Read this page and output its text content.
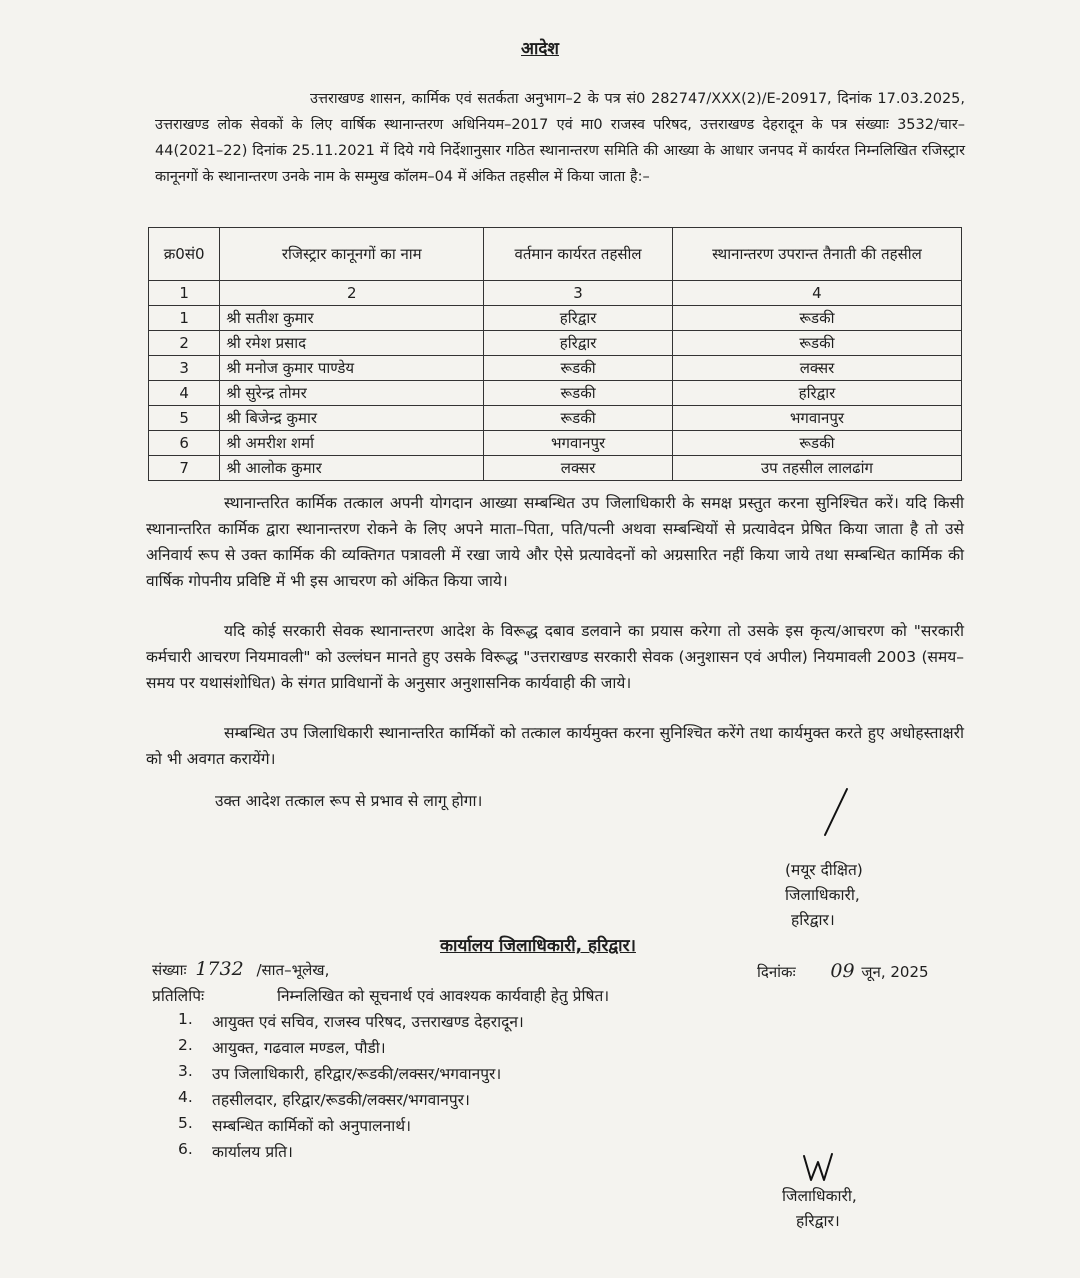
आदेश

उत्तराखण्ड शासन, कार्मिक एवं सतर्कता अनुभाग–2 के पत्र सं0 282747/XXX(2)/E-20917, दिनांक 17.03.2025, उत्तराखण्ड लोक सेवकों के लिए वार्षिक स्थानान्तरण अधिनियम–2017 एवं मा0 राजस्व परिषद, उत्तराखण्ड देहरादून के पत्र संख्याः 3532/चार–44(2021–22) दिनांक 25.11.2021 में दिये गये निर्देशानुसार गठित स्थानान्तरण समिति की आख्या के आधार जनपद में कार्यरत निम्नलिखित रजिस्ट्रार कानूनगों के स्थानान्तरण उनके नाम के सम्मुख कॉलम–04 में अंकित तहसील में किया जाता है:–

क्र0सं0	रजिस्ट्रार कानूनगों का नाम	वर्तमान कार्यरत तहसील	स्थानान्तरण उपरान्त तैनाती की तहसील
1	2	3	4
1	श्री सतीश कुमार	हरिद्वार	रूडकी
2	श्री रमेश प्रसाद	हरिद्वार	रूडकी
3	श्री मनोज कुमार पाण्डेय	रूडकी	लक्सर
4	श्री सुरेन्द्र तोमर	रूडकी	हरिद्वार
5	श्री बिजेन्द्र कुमार	रूडकी	भगवानपुर
6	श्री अमरीश शर्मा	भगवानपुर	रूडकी
7	श्री आलोक कुमार	लक्सर	उप तहसील लालढांग

स्थानान्तरित कार्मिक तत्काल अपनी योगदान आख्या सम्बन्धित उप जिलाधिकारी के समक्ष प्रस्तुत करना सुनिश्चित करें। यदि किसी स्थानान्तरित कार्मिक द्वारा स्थानान्तरण रोकने के लिए अपने माता–पिता, पति/पत्नी अथवा सम्बन्धियों से प्रत्यावेदन प्रेषित किया जाता है तो उसे अनिवार्य रूप से उक्त कार्मिक की व्यक्तिगत पत्रावली में रखा जाये और ऐसे प्रत्यावेदनों को अग्रसारित नहीं किया जाये तथा सम्बन्धित कार्मिक की वार्षिक गोपनीय प्रविष्टि में भी इस आचरण को अंकित किया जाये।

यदि कोई सरकारी सेवक स्थानान्तरण आदेश के विरूद्ध दबाव डलवाने का प्रयास करेगा तो उसके इस कृत्य/आचरण को "सरकारी कर्मचारी आचरण नियमावली" को उल्लंघन मानते हुए उसके विरूद्ध "उत्तराखण्ड सरकारी सेवक (अनुशासन एवं अपील) नियमावली 2003 (समय–समय पर यथासंशोधित) के संगत प्राविधानों के अनुसार अनुशासनिक कार्यवाही की जाये।

सम्बन्धित उप जिलाधिकारी स्थानान्तरित कार्मिकों को तत्काल कार्यमुक्त करना सुनिश्चित करेंगे तथा कार्यमुक्त करते हुए अधोहस्ताक्षरी को भी अवगत करायेंगे।

उक्त आदेश तत्काल रूप से प्रभाव से लागू होगा।

(मयूर दीक्षित)
जिलाधिकारी,
हरिद्वार।
कार्यालय जिलाधिकारी, हरिद्वार।
संख्याः 1732 /सात–भूलेख,	दिनांकः 09 जून, 2025
प्रतिलिपिः	निम्नलिखित को सूचनार्थ एवं आवश्यक कार्यवाही हेतु प्रेषित।
1.	आयुक्त एवं सचिव, राजस्व परिषद, उत्तराखण्ड देहरादून।
2.	आयुक्त, गढवाल मण्डल, पौडी।
3.	उप जिलाधिकारी, हरिद्वार/रूडकी/लक्सर/भगवानपुर।
4.	तहसीलदार, हरिद्वार/रूडकी/लक्सर/भगवानपुर।
5.	सम्बन्धित कार्मिकों को अनुपालनार्थ।
6.	कार्यालय प्रति।
जिलाधिकारी,
हरिद्वार।
